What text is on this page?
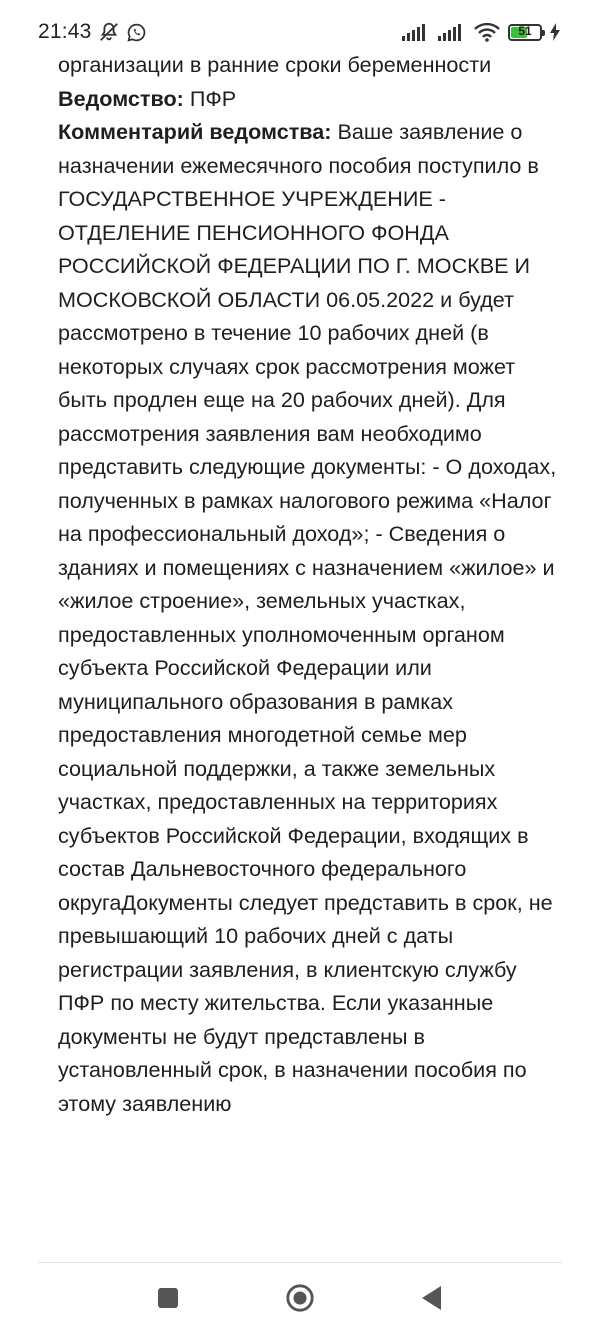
21:43	51

организации в ранние сроки беременности

Ведомство: ПФР

Комментарий ведомства: Ваше заявление о назначении ежемесячного пособия поступило в ГОСУДАРСТВЕННОЕ УЧРЕЖДЕНИЕ - ОТДЕЛЕНИЕ ПЕНСИОННОГО ФОНДА РОССИЙСКОЙ ФЕДЕРАЦИИ ПО Г. МОСКВЕ И МОСКОВСКОЙ ОБЛАСТИ 06.05.2022 и будет рассмотрено в течение 10 рабочих дней (в некоторых случаях срок рассмотрения может быть продлен еще на 20 рабочих дней). Для рассмотрения заявления вам необходимо представить следующие документы: - О доходах, полученных в рамках налогового режима «Налог на профессиональный доход»; - Сведения о зданиях и помещениях с назначением «жилое» и «жилое строение», земельных участках, предоставленных уполномоченным органом субъекта Российской Федерации или муниципального образования в рамках предоставления многодетной семье мер социальной поддержки, а также земельных участках, предоставленных на территориях субъектов Российской Федерации, входящих в состав Дальневосточного федерального округаДокументы следует представить в срок, не превышающий 10 рабочих дней с даты регистрации заявления, в клиентскую службу ПФР по месту жительства. Если указанные документы не будут представлены в установленный срок, в назначении пособия по этому заявлению
